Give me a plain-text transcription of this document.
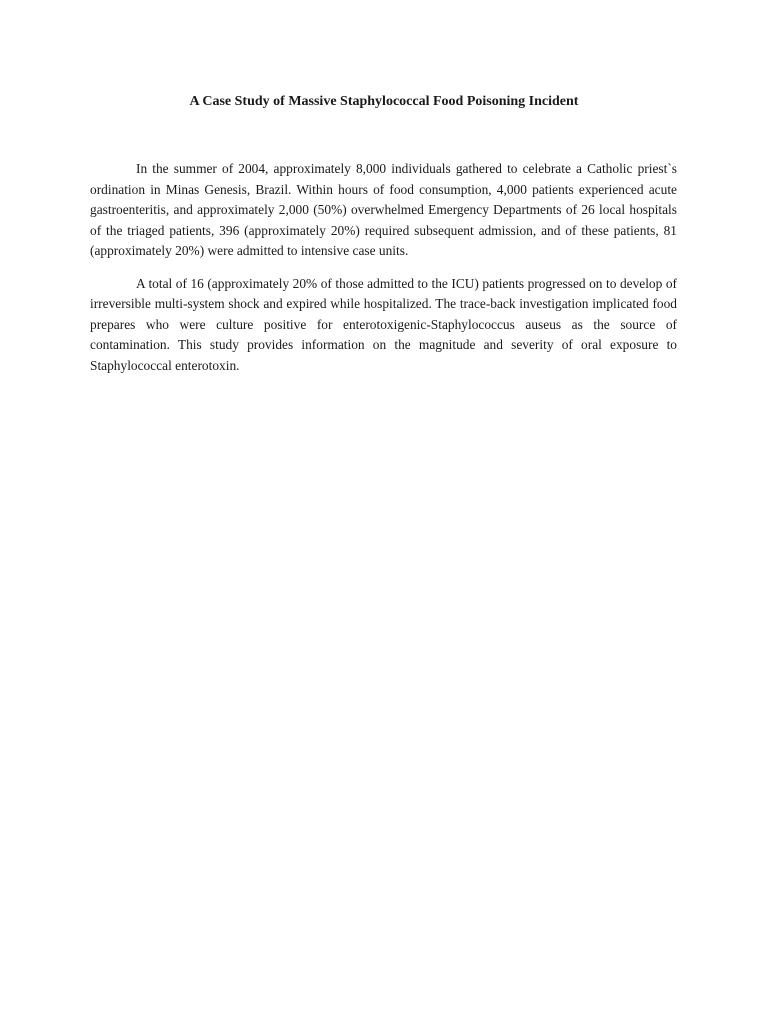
A Case Study of Massive Staphylococcal Food Poisoning Incident

In the summer of 2004, approximately 8,000 individuals gathered to celebrate a Catholic priest`s ordination in Minas Genesis, Brazil. Within hours of food consumption, 4,000 patients experienced acute gastroenteritis, and approximately 2,000 (50%) overwhelmed Emergency Departments of 26 local hospitals of the triaged patients, 396 (approximately 20%) required subsequent admission, and of these patients, 81 (approximately 20%) were admitted to intensive case units.

A total of 16 (approximately 20% of those admitted to the ICU) patients progressed on to develop of irreversible multi-system shock and expired while hospitalized. The trace-back investigation implicated food prepares who were culture positive for enterotoxigenic-Staphylococcus auseus as the source of contamination. This study provides information on the magnitude and severity of oral exposure to Staphylococcal enterotoxin.
